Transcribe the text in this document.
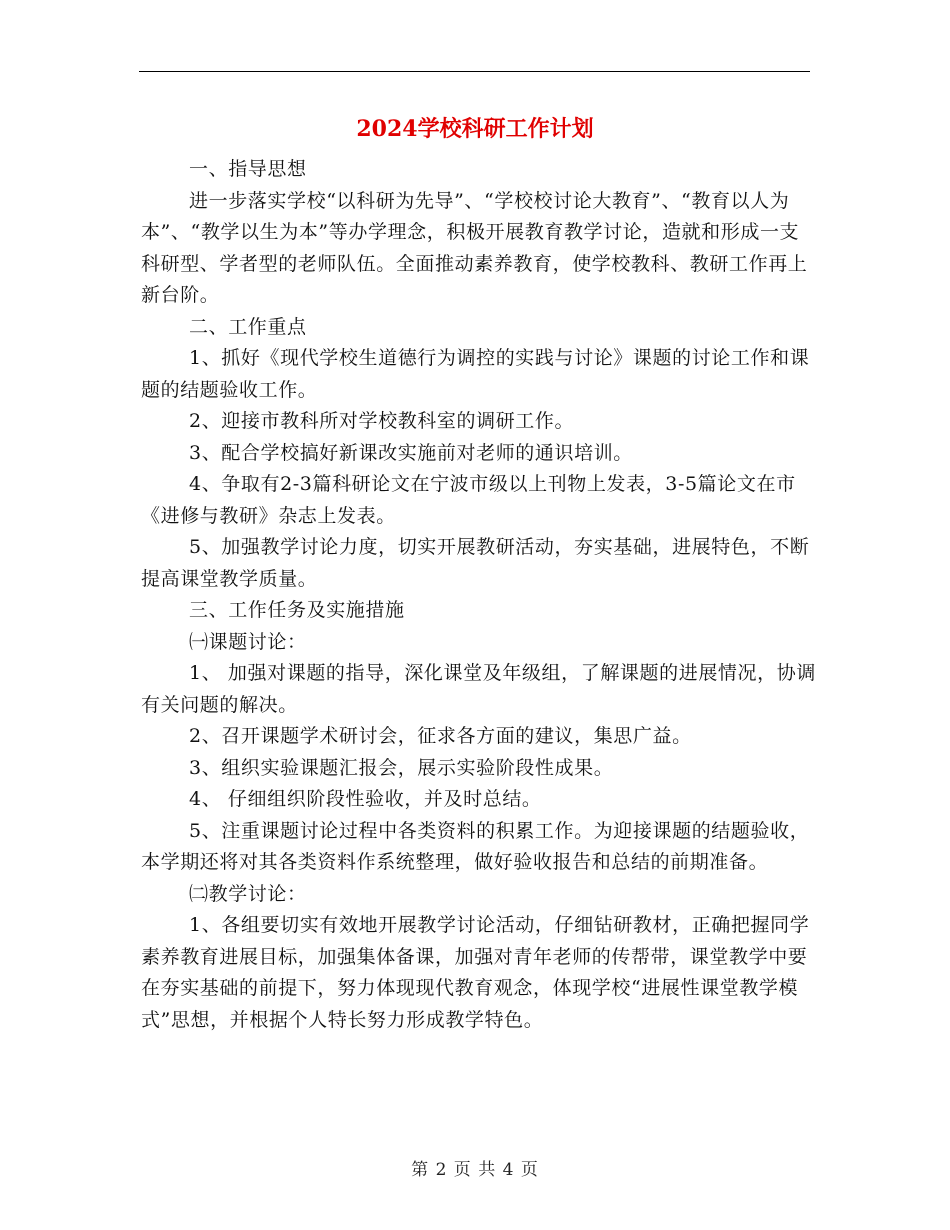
2024学校科研工作计划

一、指导思想

进一步落实学校“以科研为先导”、“学校校讨论大教育”、“教育以人为本”、“教学以生为本”等办学理念，积极开展教育教学讨论，造就和形成一支科研型、学者型的老师队伍。全面推动素养教育，使学校教科、教研工作再上新台阶。

二、工作重点

1、抓好《现代学校生道德行为调控的实践与讨论》课题的讨论工作和课题的结题验收工作。

2、迎接市教科所对学校教科室的调研工作。

3、配合学校搞好新课改实施前对老师的通识培训。

4、争取有2-3篇科研论文在宁波市级以上刊物上发表，3-5篇论文在市《进修与教研》杂志上发表。

5、加强教学讨论力度，切实开展教研活动，夯实基础，进展特色，不断提高课堂教学质量。

三、工作任务及实施措施

㈠课题讨论：

1、 加强对课题的指导，深化课堂及年级组，了解课题的进展情况，协调有关问题的解决。

2、召开课题学术研讨会，征求各方面的建议，集思广益。

3、组织实验课题汇报会，展示实验阶段性成果。

4、 仔细组织阶段性验收，并及时总结。

5、注重课题讨论过程中各类资料的积累工作。为迎接课题的结题验收，本学期还将对其各类资料作系统整理，做好验收报告和总结的前期准备。

㈡教学讨论：

1、各组要切实有效地开展教学讨论活动，仔细钻研教材，正确把握同学素养教育进展目标，加强集体备课，加强对青年老师的传帮带，课堂教学中要在夯实基础的前提下，努力体现现代教育观念，体现学校“进展性课堂教学模式”思想，并根据个人特长努力形成教学特色。

第 2 页 共 4 页
